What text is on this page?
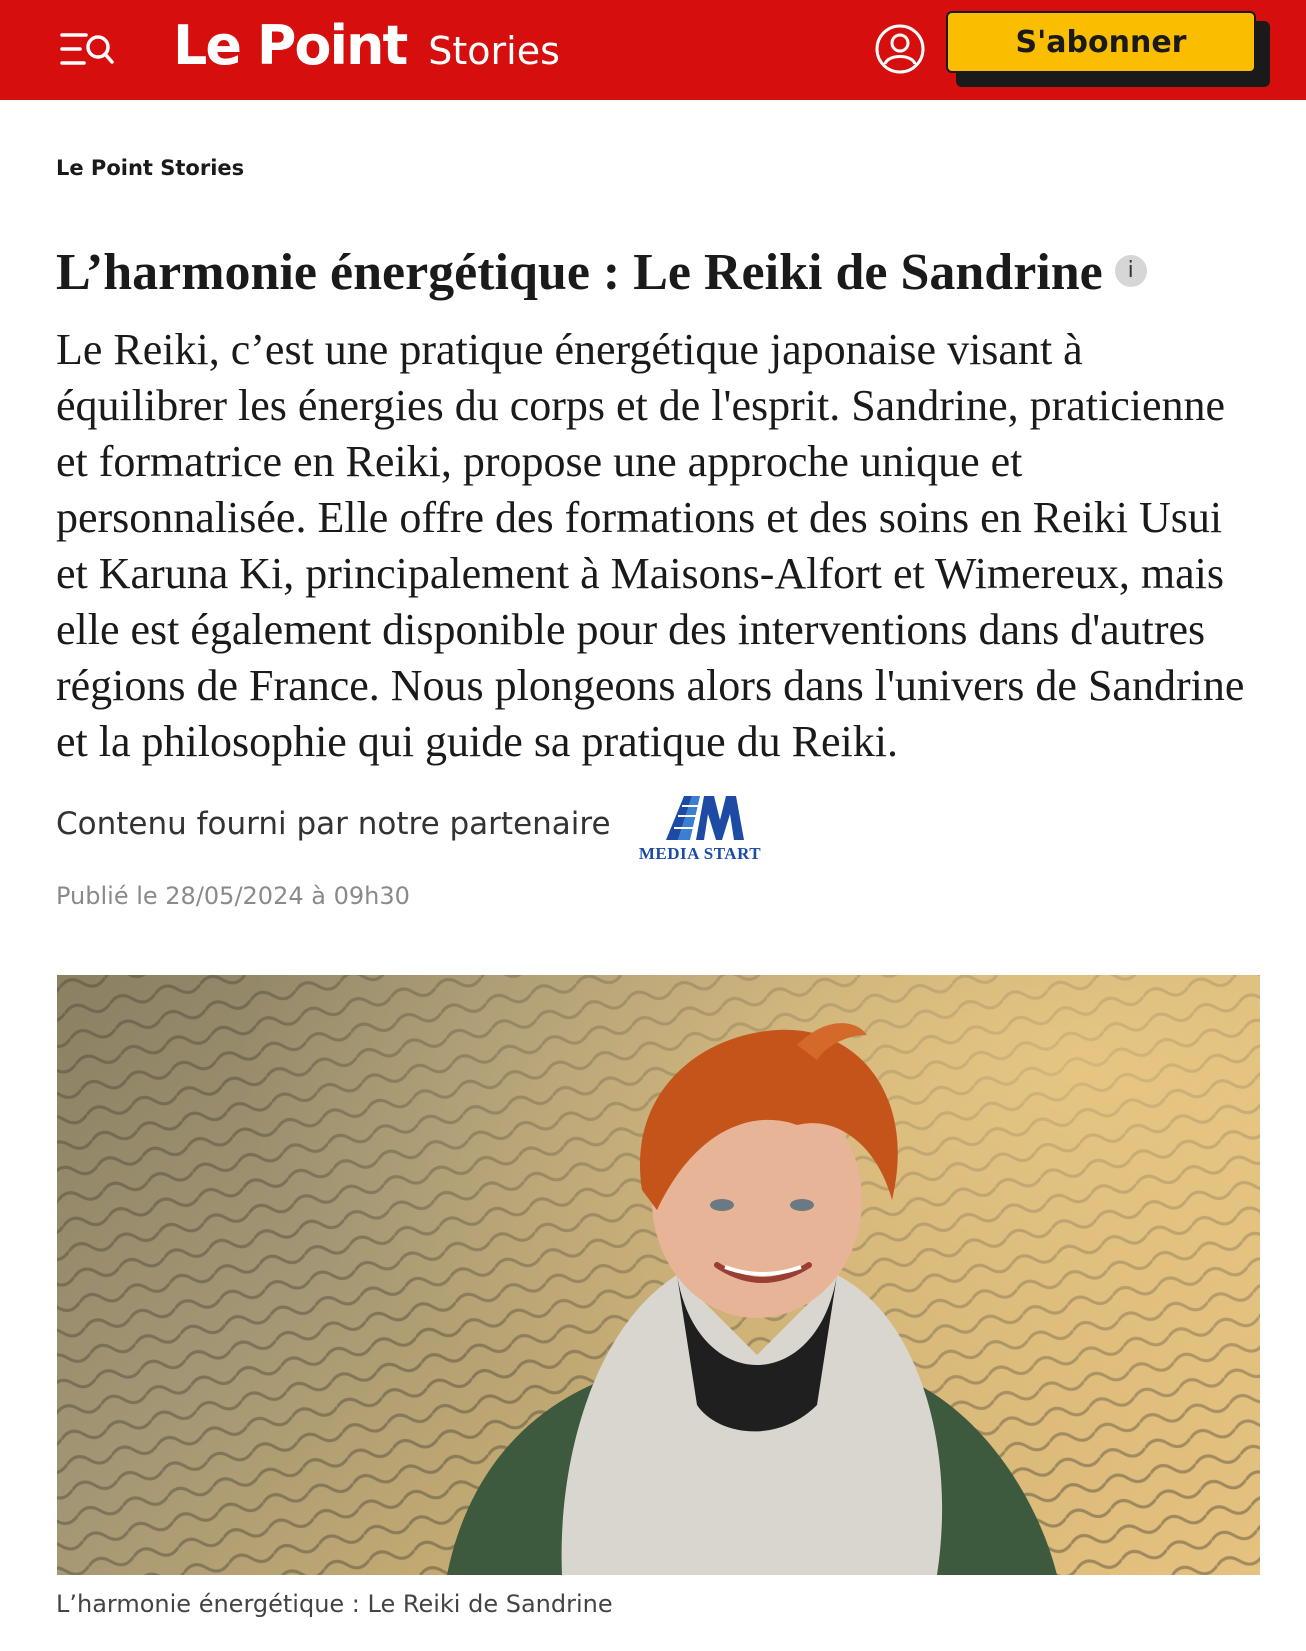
Le Point Stories	S'abonner
Le Point Stories
L’harmonie énergétique : Le Reiki de Sandrine i

Le Reiki, c’est une pratique énergétique japonaise visant à équilibrer les énergies du corps et de l'esprit. Sandrine, praticienne et formatrice en Reiki, propose une approche unique et personnalisée. Elle offre des formations et des soins en Reiki Usui et Karuna Ki, principalement à Maisons-Alfort et Wimereux, mais elle est également disponible pour des interventions dans d'autres régions de France. Nous plongeons alors dans l'univers de Sandrine et la philosophie qui guide sa pratique du Reiki.

Contenu fourni par notre partenaire
MEDIA START
Publié le 28/05/2024 à 09h30
L’harmonie énergétique : Le Reiki de Sandrine
